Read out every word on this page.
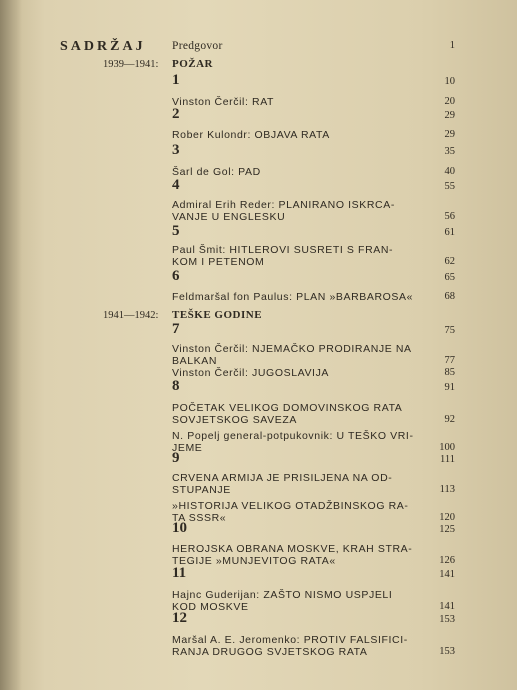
SADRŽAJ Predgovor	1
1939—1941: POŽAR
1	10
Vinston Čerčil: RAT	20
2	29
Rober Kulondr: OBJAVA RATA	29
3	35
Šarl de Gol: PAD	40
4	55
Admiral Erih Reder: PLANIRANO ISKRCA-
VANJE U ENGLESKU	56
5	61
Paul Šmit: HITLEROVI SUSRETI S FRAN-
KOM I PETENOM	62
6	65
Feldmaršal fon Paulus: PLAN »BARBAROSA«	68
1941—1942: TEŠKE GODINE
7	75
Vinston Čerčil: NJEMAČKO PRODIRANJE NA
BALKAN	77
Vinston Čerčil: JUGOSLAVIJA	85
8	91
POČETAK VELIKOG DOMOVINSKOG RATA
SOVJETSKOG SAVEZA	92
N. Popelj general-potpukovnik: U TEŠKO VRI-
JEME	100
9	111
CRVENA ARMIJA JE PRISILJENA NA OD-
STUPANJE	113
»HISTORIJA VELIKOG OTADŽBINSKOG RA-
TA SSSR«	120
10	125
HEROJSKA OBRANA MOSKVE, KRAH STRA-
TEGIJE »MUNJEVITOG RATA«	126
11	141
Hajnc Guderijan: ZAŠTO NISMO USPJELI
KOD MOSKVE	141
12	153
Maršal A. E. Jeromenko: PROTIV FALSIFICI-
RANJA DRUGOG SVJETSKOG RATA	153
